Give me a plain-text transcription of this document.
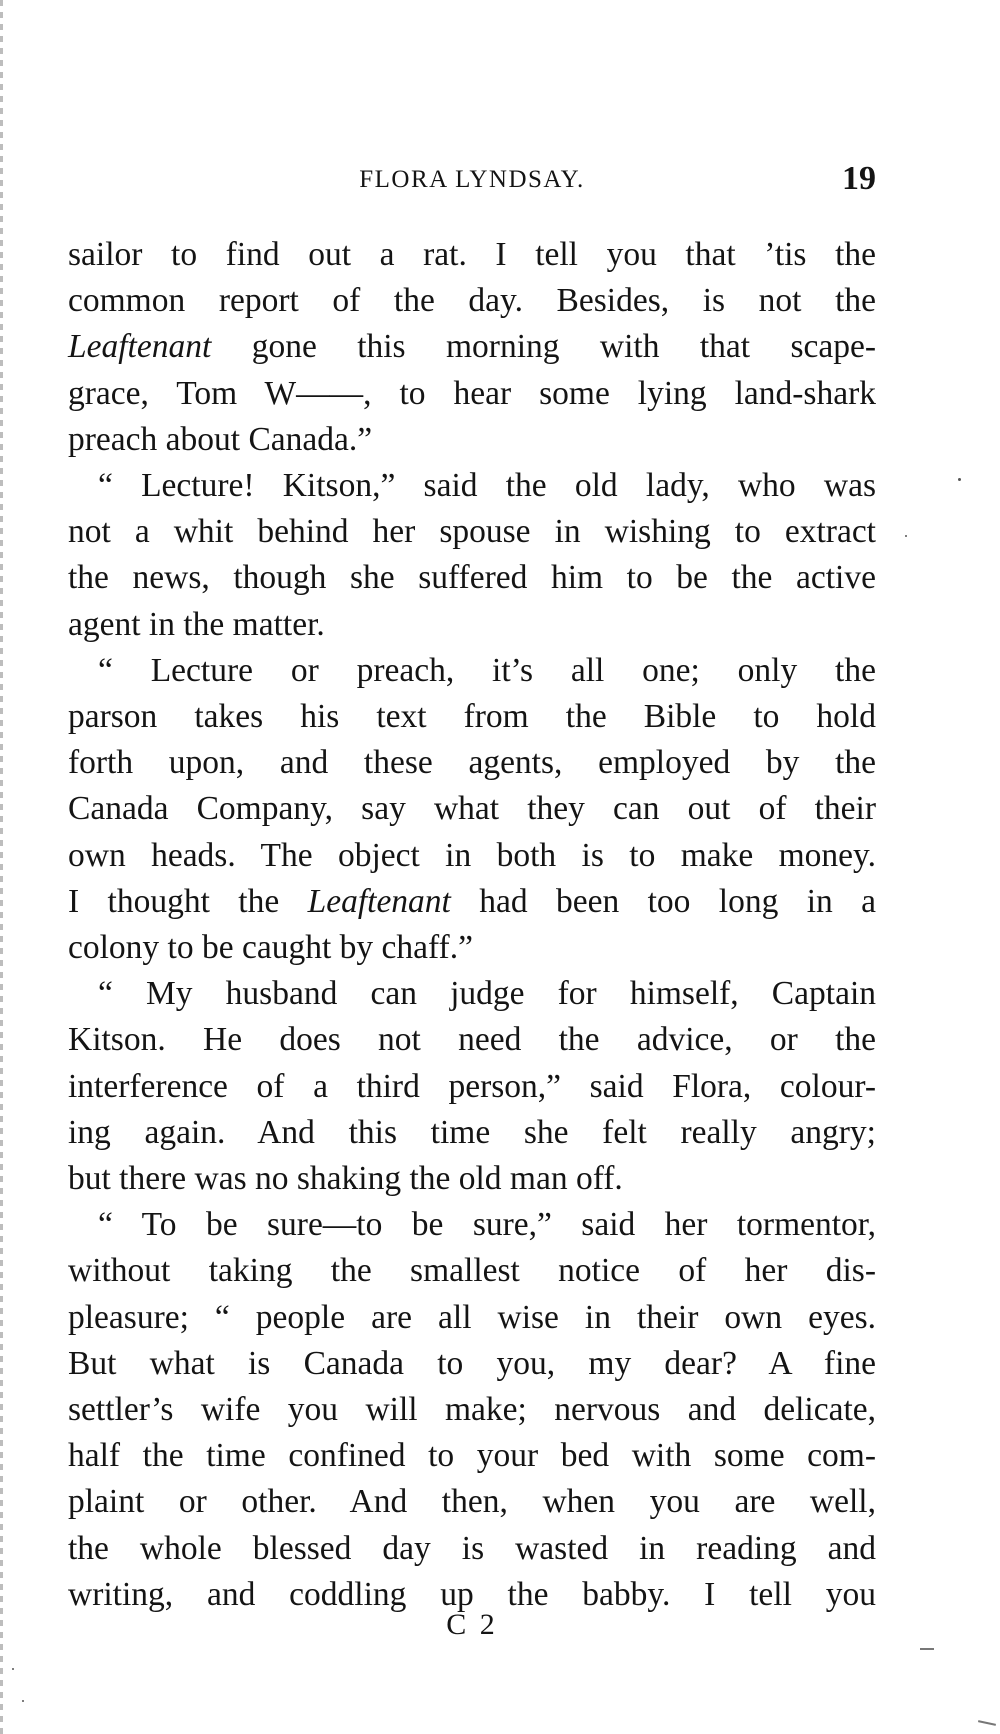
FLORA LYNDSAY.	19

sailor to find out a rat. I tell you that ’tis the

common report of the day. Besides, is not the

Leaftenant gone this morning with that scape-

grace, Tom W——, to hear some lying land-shark

preach about Canada.”

“ Lecture! Kitson,” said the old lady, who was

not a whit behind her spouse in wishing to extract

the news, though she suffered him to be the active

agent in the matter.

“ Lecture or preach, it’s all one; only the

parson takes his text from the Bible to hold

forth upon, and these agents, employed by the

Canada Company, say what they can out of their

own heads. The object in both is to make money.

I thought the Leaftenant had been too long in a

colony to be caught by chaff.”

“ My husband can judge for himself, Captain

Kitson. He does not need the advice, or the

interference of a third person,” said Flora, colour-

ing again. And this time she felt really angry;

but there was no shaking the old man off.

“ To be sure—to be sure,” said her tormentor,

without taking the smallest notice of her dis-

pleasure; “ people are all wise in their own eyes.

But what is Canada to you, my dear? A fine

settler’s wife you will make; nervous and delicate,

half the time confined to your bed with some com-

plaint or other. And then, when you are well,

the whole blessed day is wasted in reading and

writing, and coddling up the babby. I tell you

C 2
